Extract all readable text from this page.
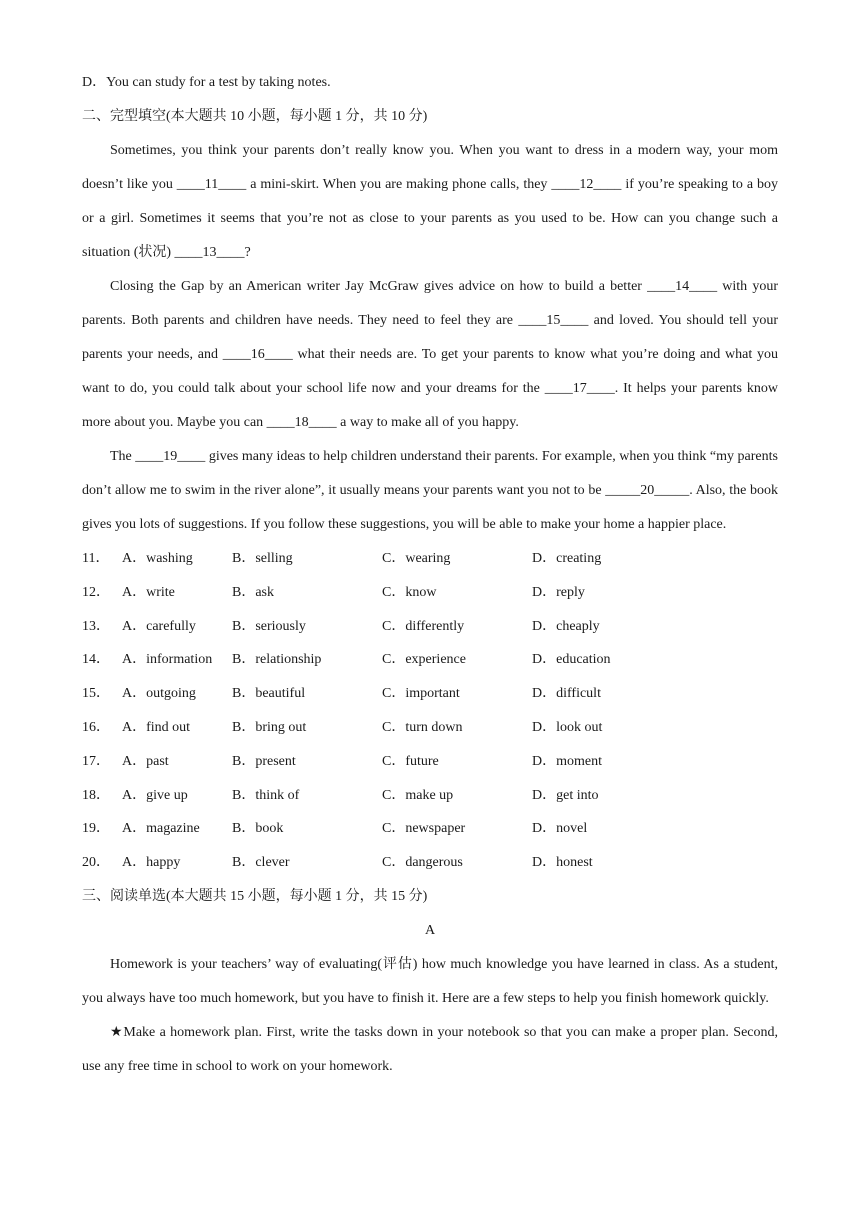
D．You can study for a test by taking notes.
二、完型填空(本大题共 10 小题，每小题 1 分，共 10 分)

Sometimes, you think your parents don’t really know you. When you want to dress in a modern way, your mom doesn’t like you ____11____ a mini-skirt. When you are making phone calls, they ____12____ if you’re speaking to a boy or a girl. Sometimes it seems that you’re not as close to your parents as you used to be. How can you change such a situation (状况) ____13____?

Closing the Gap by an American writer Jay McGraw gives advice on how to build a better ____14____ with your parents. Both parents and children have needs. They need to feel they are ____15____ and loved. You should tell your parents your needs, and ____16____ what their needs are. To get your parents to know what you’re doing and what you want to do, you could talk about your school life now and your dreams for the ____17____. It helps your parents know more about you. Maybe you can ____18____ a way to make all of you happy.

The ____19____ gives many ideas to help children understand their parents. For example, when you think “my parents don’t allow me to swim in the river alone”, it usually means your parents want you not to be _____20_____. Also, the book gives you lots of suggestions. If you follow these suggestions, you will be able to make your home a happier place.

11． A．washing	B．selling	C．wearing	D．creating
12． A．write	B．ask	C．know	D．reply
13． A．carefully	B．seriously	C．differently	D．cheaply
14． A．information	B．relationship	C．experience	D．education
15． A．outgoing	B．beautiful	C．important	D．difficult
16． A．find out	B．bring out	C．turn down	D．look out
17． A．past	B．present	C．future	D．moment
18． A．give up	B．think of	C．make up	D．get into
19． A．magazine	B．book	C．newspaper	D．novel
20． A．happy	B．clever	C．dangerous	D．honest
三、阅读单选(本大题共 15 小题，每小题 1 分，共 15 分)
A

Homework is your teachers’ way of evaluating(评估) how much knowledge you have learned in class. As a student, you always have too much homework, but you have to finish it. Here are a few steps to help you finish homework quickly.

★Make a homework plan. First, write the tasks down in your notebook so that you can make a proper plan. Second, use any free time in school to work on your homework.
